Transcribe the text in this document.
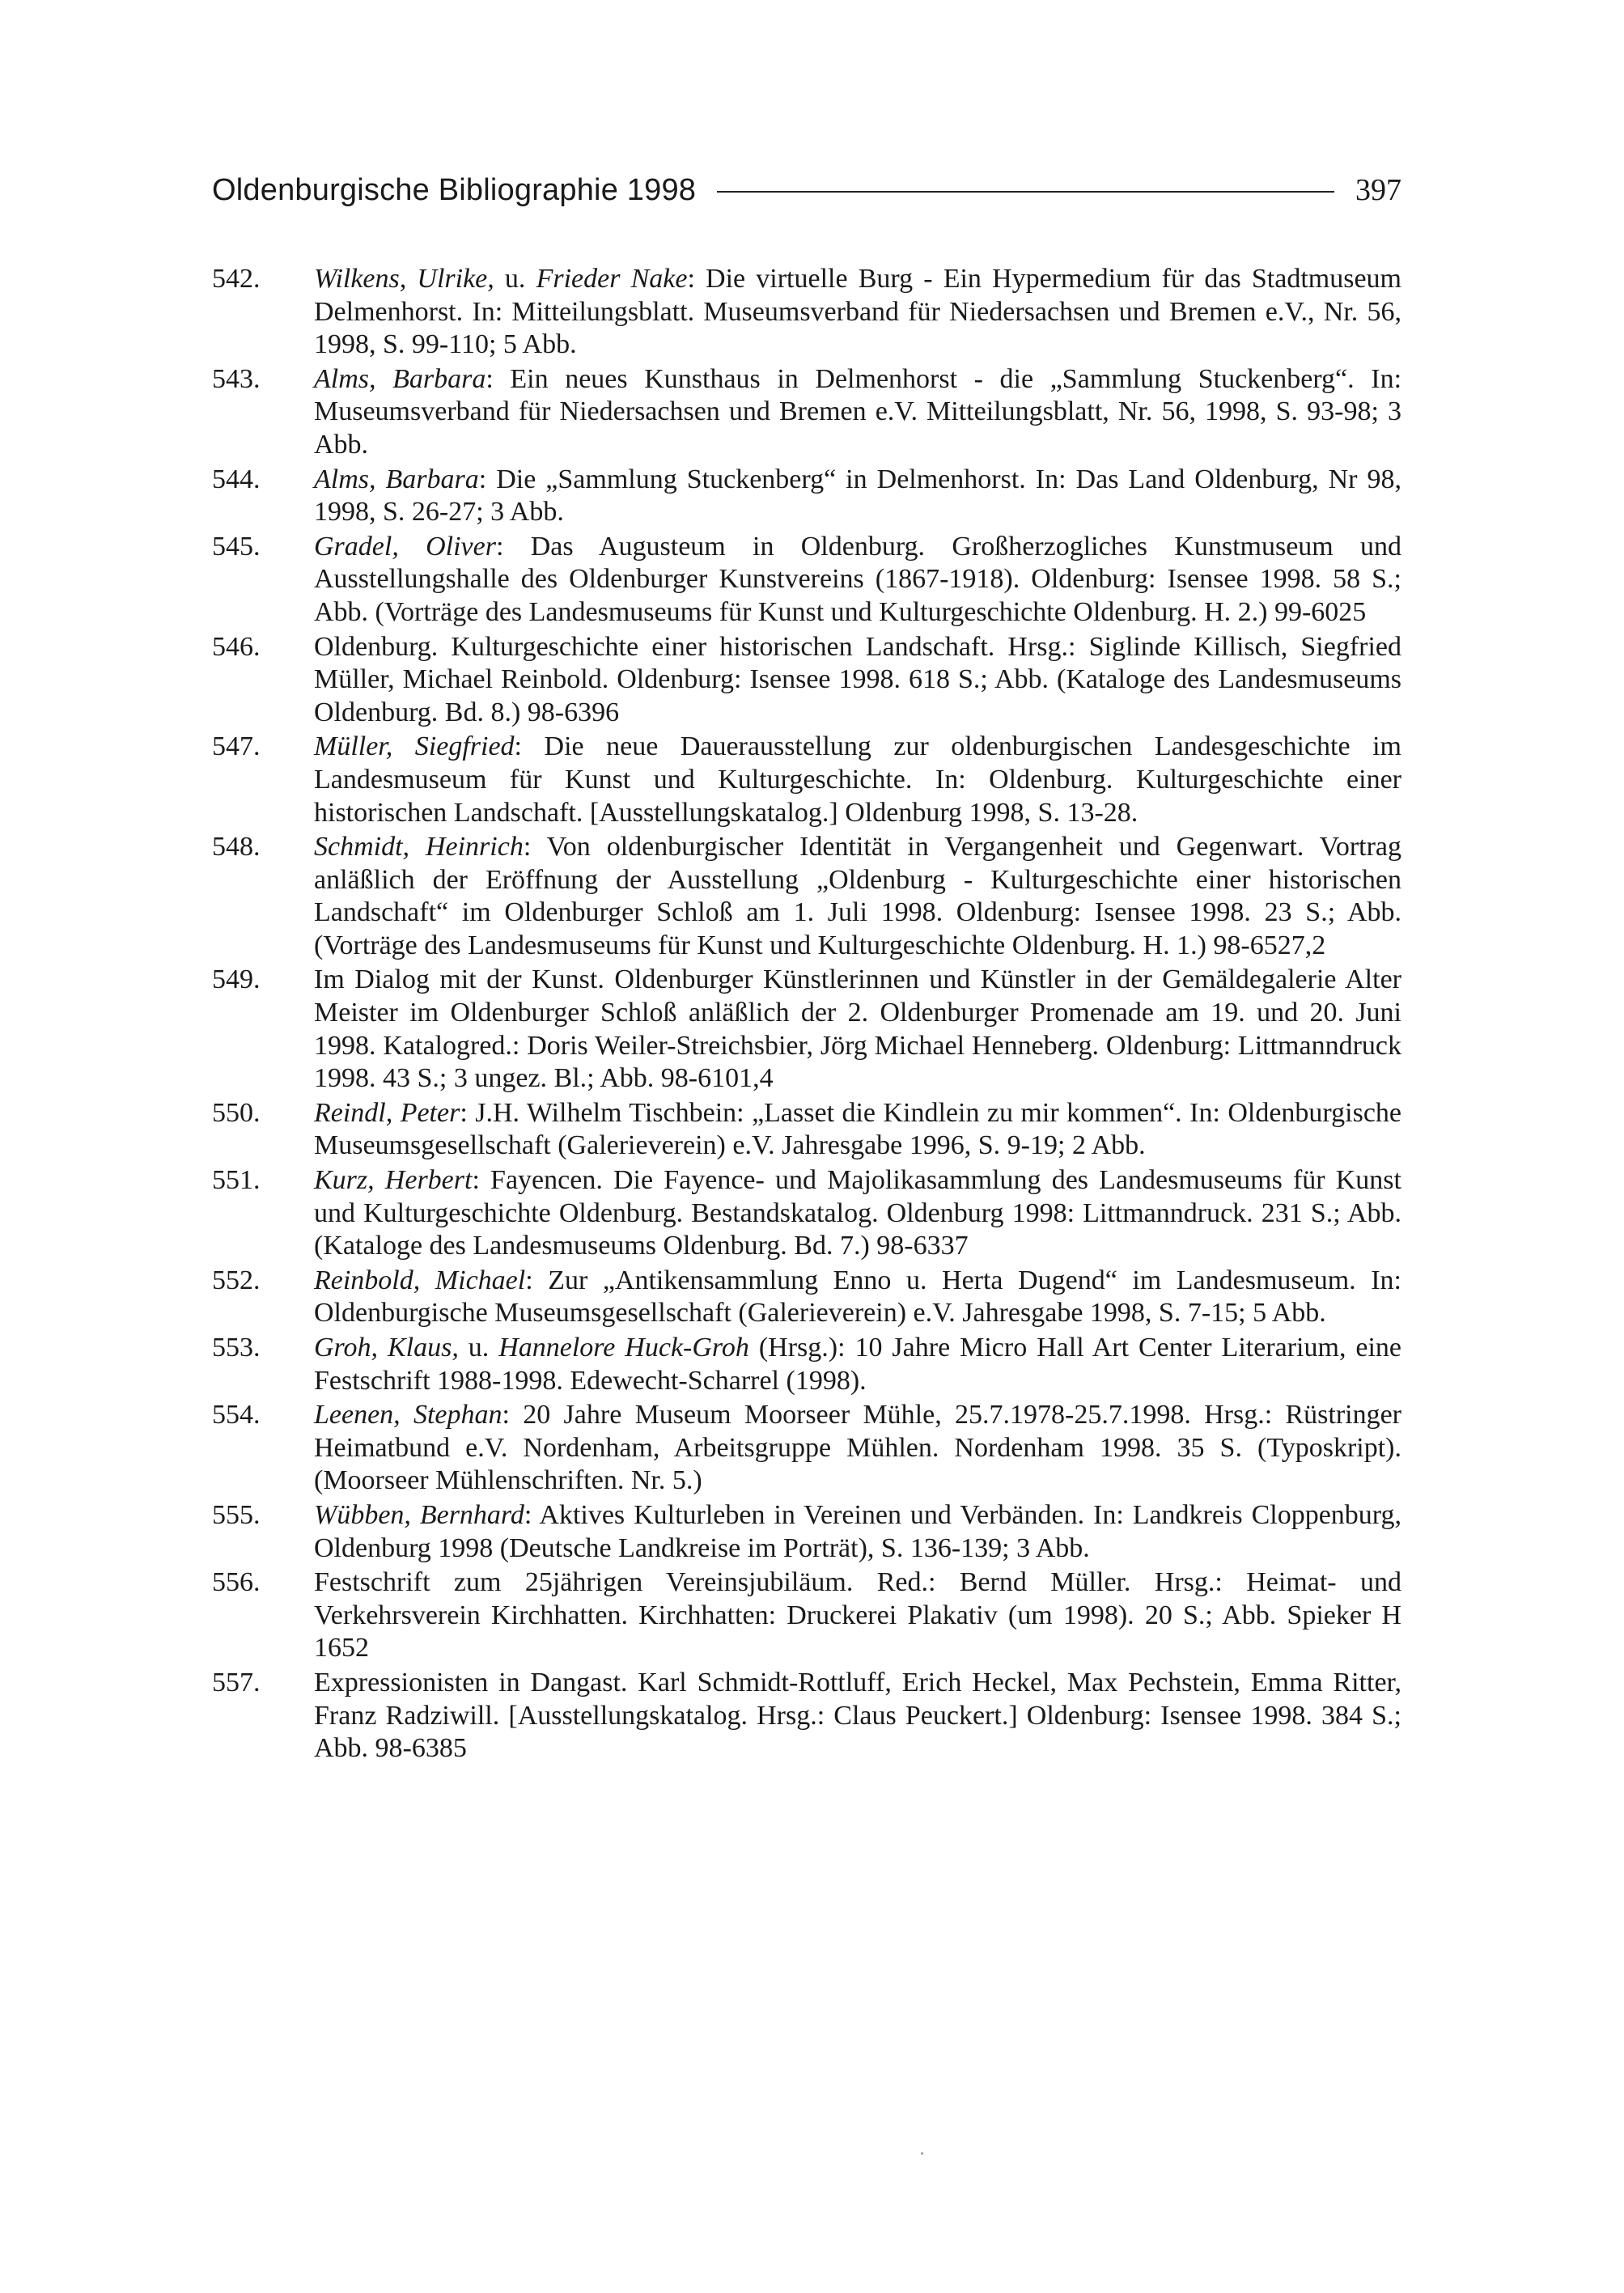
Oldenburgische Bibliographie 1998	397
542.	Wilkens, Ulrike, u. Frieder Nake: Die virtuelle Burg - Ein Hypermedium für das Stadtmuseum Delmenhorst. In: Mitteilungsblatt. Museumsverband für Niedersachsen und Bremen e.V., Nr. 56, 1998, S. 99-110; 5 Abb.
543.	Alms, Barbara: Ein neues Kunsthaus in Delmenhorst - die „Sammlung Stuckenberg“. In: Museumsverband für Niedersachsen und Bremen e.V. Mitteilungsblatt, Nr. 56, 1998, S. 93-98; 3 Abb.
544.	Alms, Barbara: Die „Sammlung Stuckenberg“ in Delmenhorst. In: Das Land Oldenburg, Nr 98, 1998, S. 26-27; 3 Abb.
545.	Gradel, Oliver: Das Augusteum in Oldenburg. Großherzogliches Kunstmuseum und Ausstellungshalle des Oldenburger Kunstvereins (1867-1918). Oldenburg: Isensee 1998. 58 S.; Abb. (Vorträge des Landesmuseums für Kunst und Kulturgeschichte Oldenburg. H. 2.) 99-6025
546.	Oldenburg. Kulturgeschichte einer historischen Landschaft. Hrsg.: Siglinde Killisch, Siegfried Müller, Michael Reinbold. Oldenburg: Isensee 1998. 618 S.; Abb. (Kataloge des Landesmuseums Oldenburg. Bd. 8.) 98-6396
547.	Müller, Siegfried: Die neue Dauerausstellung zur oldenburgischen Landesgeschichte im Landesmuseum für Kunst und Kulturgeschichte. In: Oldenburg. Kulturgeschichte einer historischen Landschaft. [Ausstellungskatalog.] Oldenburg 1998, S. 13-28.
548.	Schmidt, Heinrich: Von oldenburgischer Identität in Vergangenheit und Gegenwart. Vortrag anläßlich der Eröffnung der Ausstellung „Oldenburg - Kulturgeschichte einer historischen Landschaft“ im Oldenburger Schloß am 1. Juli 1998. Oldenburg: Isensee 1998. 23 S.; Abb. (Vorträge des Landesmuseums für Kunst und Kulturgeschichte Oldenburg. H. 1.) 98-6527,2
549.	Im Dialog mit der Kunst. Oldenburger Künstlerinnen und Künstler in der Gemäldegalerie Alter Meister im Oldenburger Schloß anläßlich der 2. Oldenburger Promenade am 19. und 20. Juni 1998. Katalogred.: Doris Weiler-Streichsbier, Jörg Michael Henneberg. Oldenburg: Littmanndruck 1998. 43 S.; 3 ungez. Bl.; Abb. 98-6101,4
550.	Reindl, Peter: J.H. Wilhelm Tischbein: „Lasset die Kindlein zu mir kommen“. In: Oldenburgische Museumsgesellschaft (Galerieverein) e.V. Jahresgabe 1996, S. 9-19; 2 Abb.
551.	Kurz, Herbert: Fayencen. Die Fayence- und Majolikasammlung des Landesmuseums für Kunst und Kulturgeschichte Oldenburg. Bestandskatalog. Oldenburg 1998: Littmanndruck. 231 S.; Abb. (Kataloge des Landesmuseums Oldenburg. Bd. 7.) 98-6337
552.	Reinbold, Michael: Zur „Antikensammlung Enno u. Herta Dugend“ im Landesmuseum. In: Oldenburgische Museumsgesellschaft (Galerieverein) e.V. Jahresgabe 1998, S. 7-15; 5 Abb.
553.	Groh, Klaus, u. Hannelore Huck-Groh (Hrsg.): 10 Jahre Micro Hall Art Center Literarium, eine Festschrift 1988-1998. Edewecht-Scharrel (1998).
554.	Leenen, Stephan: 20 Jahre Museum Moorseer Mühle, 25.7.1978-25.7.1998. Hrsg.: Rüstringer Heimatbund e.V. Nordenham, Arbeitsgruppe Mühlen. Nordenham 1998. 35 S. (Typoskript). (Moorseer Mühlenschriften. Nr. 5.)
555.	Wübben, Bernhard: Aktives Kulturleben in Vereinen und Verbänden. In: Landkreis Cloppenburg, Oldenburg 1998 (Deutsche Landkreise im Porträt), S. 136-139; 3 Abb.
556.	Festschrift zum 25jährigen Vereinsjubiläum. Red.: Bernd Müller. Hrsg.: Heimat- und Verkehrsverein Kirchhatten. Kirchhatten: Druckerei Plakativ (um 1998). 20 S.; Abb. Spieker H 1652
557.	Expressionisten in Dangast. Karl Schmidt-Rottluff, Erich Heckel, Max Pechstein, Emma Ritter, Franz Radziwill. [Ausstellungskatalog. Hrsg.: Claus Peuckert.] Oldenburg: Isensee 1998. 384 S.; Abb. 98-6385
